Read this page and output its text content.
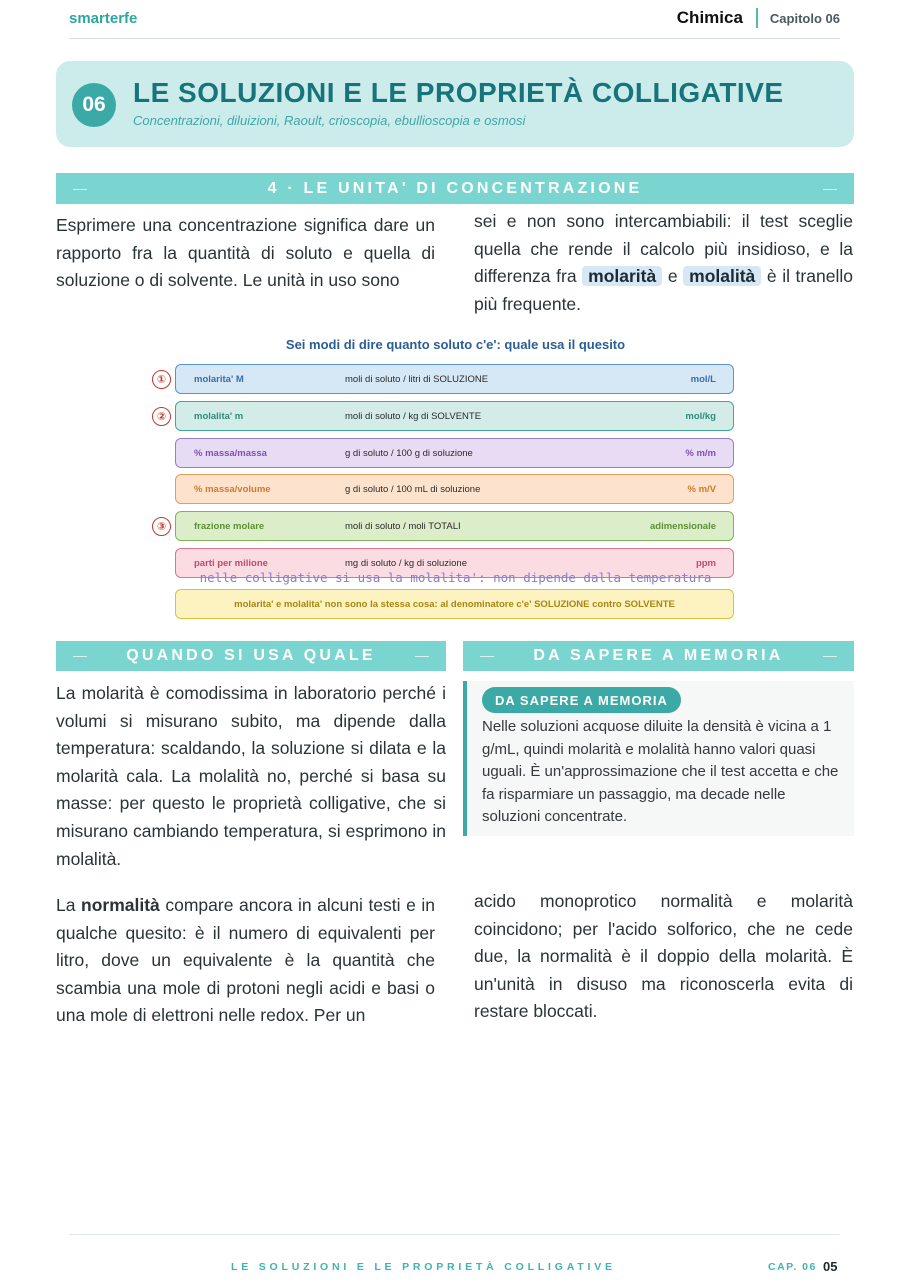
smarterfe	Chimica Capitolo 06
06 LE SOLUZIONI E LE PROPRIETÀ COLLIGATIVE
Concentrazioni, diluizioni, Raoult, crioscopia, ebullioscopia e osmosi
4 · LE UNITA' DI CONCENTRAZIONE
Esprimere una concentrazione significa dare un rapporto fra la quantità di soluto e quella di soluzione o di solvente. Le unità in uso sono
sei e non sono intercambiabili: il test sceglie quella che rende il calcolo più insidioso, e la differenza fra molarità e molalità è il tranello più frequente.
Sei modi di dire quanto soluto c'e': quale usa il quesito
molarita' M	moli di soluto / litri di SOLUZIONE	mol/L
molalita' m	moli di soluto / kg di SOLVENTE	mol/kg
% massa/massa	g di soluto / 100 g di soluzione	% m/m
% massa/volume	g di soluto / 100 mL di soluzione	% m/V
frazione molare	moli di soluto / moli TOTALI	adimensionale
parti per milione	mg di soluto / kg di soluzione	ppm
①
②
③
nelle colligative si usa la molalita': non dipende dalla temperatura
molarita' e molalita' non sono la stessa cosa: al denominatore c'e' SOLUZIONE contro SOLVENTE
QUANDO SI USA QUALE
La molarità è comodissima in laboratorio perché i volumi si misurano subito, ma dipende dalla temperatura: scaldando, la soluzione si dilata e la molarità cala. La molalità no, perché si basa su masse: per questo le proprietà colligative, che si misurano cambiando temperatura, si esprimono in molalità.
DA SAPERE A MEMORIA
DA SAPERE A MEMORIA
Nelle soluzioni acquose diluite la densità è vicina a 1 g/mL, quindi molarità e molalità hanno valori quasi uguali. È un'approssimazione che il test accetta e che fa risparmiare un passaggio, ma decade nelle soluzioni concentrate.
La normalità compare ancora in alcuni testi e in qualche quesito: è il numero di equivalenti per litro, dove un equivalente è la quantità che scambia una mole di protoni negli acidi e basi o una mole di elettroni nelle redox. Per un
acido monoprotico normalità e molarità coincidono; per l'acido solforico, che ne cede due, la normalità è il doppio della molarità. È un'unità in disuso ma riconoscerla evita di restare bloccati.
LE SOLUZIONI E LE PROPRIETÀ COLLIGATIVE	CAP. 06 05
